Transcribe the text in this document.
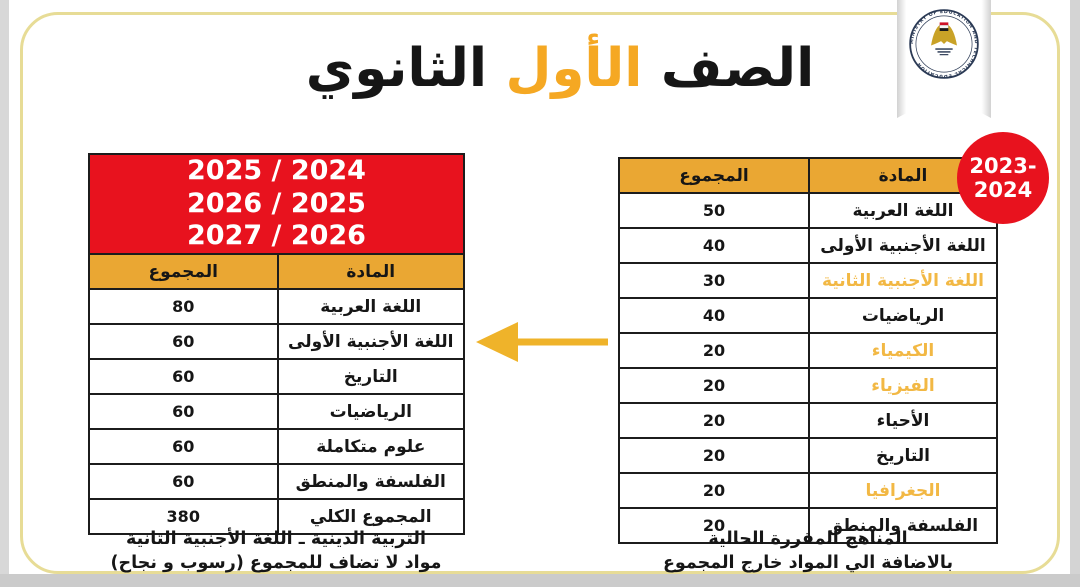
الصف الأول الثانوي	MINISTRY OF EDUCATION AND TECHNICAL EDUCATION
2023-
2024
المادة
المجموع
اللغة العربية
50
اللغة الأجنبية الأولى
40
اللغة الأجنبية الثانية
30
الرياضيات
40
الكيمياء
20
الفيزياء
20
الأحياء
20
التاريخ
20
الجغرافيا
20
الفلسفة والمنطق
20
2025 / 2024
2026 / 2025
2027 / 2026
المادة
المجموع
اللغة العربية
80
اللغة الأجنبية الأولى
60
التاريخ
60
الرياضيات
60
علوم متكاملة
60
الفلسفة والمنطق
60
المجموع الكلي
380
المناهج المقررة الحالية
بالاضافة الي المواد خارج المجموع
التربية الدينية ـ اللغة الأجنبية الثانية
مواد لا تضاف للمجموع (رسوب و نجاح)
